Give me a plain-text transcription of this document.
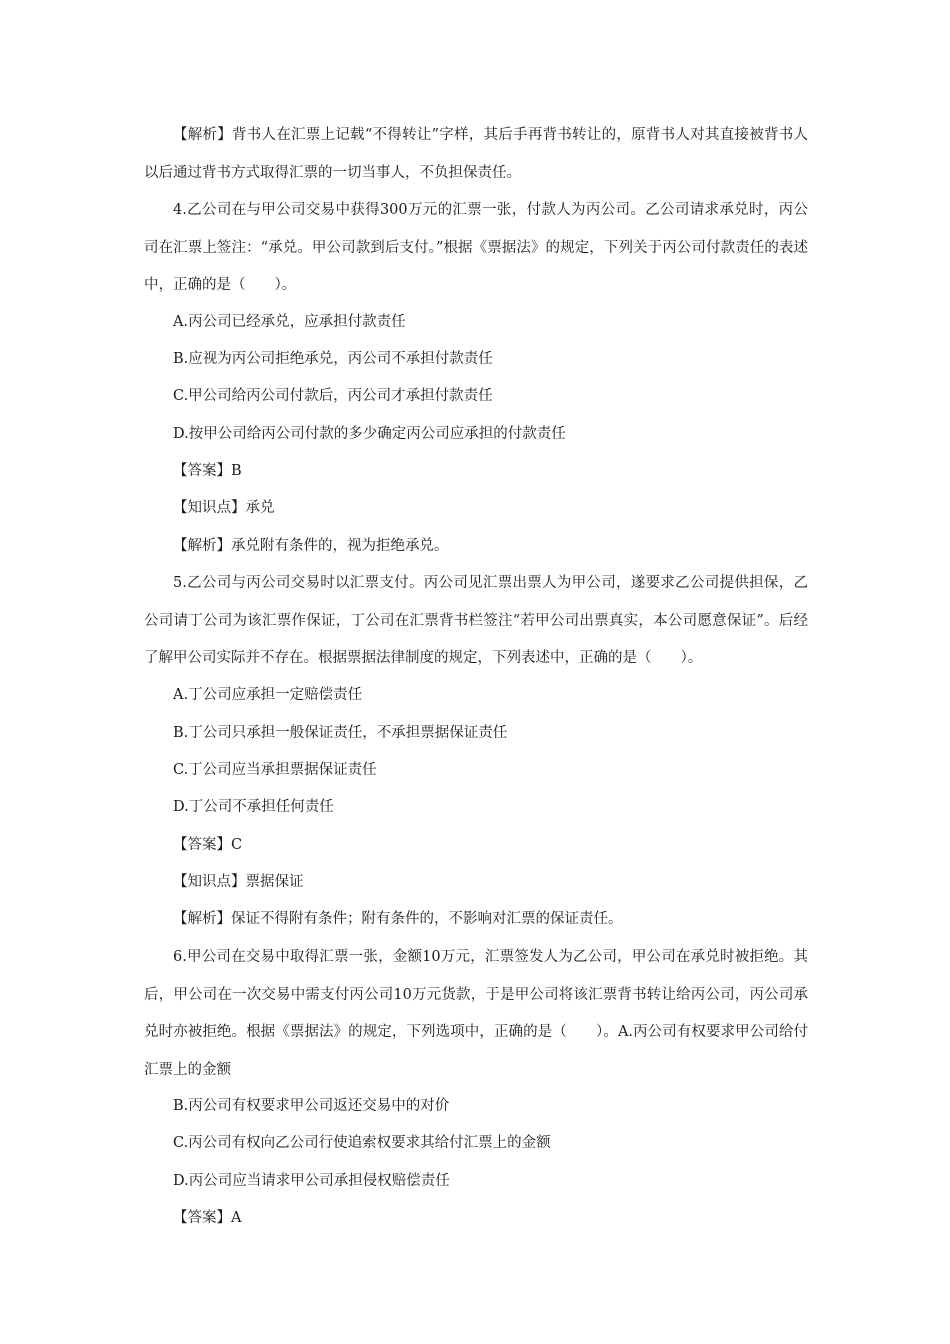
【解析】背书人在汇票上记载“不得转让”字样，其后手再背书转让的，原背书人对其直接被背书人以后通过背书方式取得汇票的一切当事人，不负担保责任。

4.乙公司在与甲公司交易中获得300万元的汇票一张，付款人为丙公司。乙公司请求承兑时，丙公司在汇票上签注：“承兑。甲公司款到后支付。”根据《票据法》的规定，下列关于丙公司付款责任的表述中，正确的是（　　）。

A.丙公司已经承兑，应承担付款责任

B.应视为丙公司拒绝承兑，丙公司不承担付款责任

C.甲公司给丙公司付款后，丙公司才承担付款责任

D.按甲公司给丙公司付款的多少确定丙公司应承担的付款责任

【答案】B

【知识点】承兑

【解析】承兑附有条件的，视为拒绝承兑。

5.乙公司与丙公司交易时以汇票支付。丙公司见汇票出票人为甲公司，遂要求乙公司提供担保，乙公司请丁公司为该汇票作保证，丁公司在汇票背书栏签注“若甲公司出票真实，本公司愿意保证”。后经了解甲公司实际并不存在。根据票据法律制度的规定，下列表述中，正确的是（　　）。

A.丁公司应承担一定赔偿责任

B.丁公司只承担一般保证责任，不承担票据保证责任

C.丁公司应当承担票据保证责任

D.丁公司不承担任何责任

【答案】C

【知识点】票据保证

【解析】保证不得附有条件；附有条件的，不影响对汇票的保证责任。

6.甲公司在交易中取得汇票一张，金额10万元，汇票签发人为乙公司，甲公司在承兑时被拒绝。其后，甲公司在一次交易中需支付丙公司10万元货款，于是甲公司将该汇票背书转让给丙公司，丙公司承兑时亦被拒绝。根据《票据法》的规定，下列选项中，正确的是（　　）。A.丙公司有权要求甲公司给付汇票上的金额

B.丙公司有权要求甲公司返还交易中的对价

C.丙公司有权向乙公司行使追索权要求其给付汇票上的金额

D.丙公司应当请求甲公司承担侵权赔偿责任

【答案】A
